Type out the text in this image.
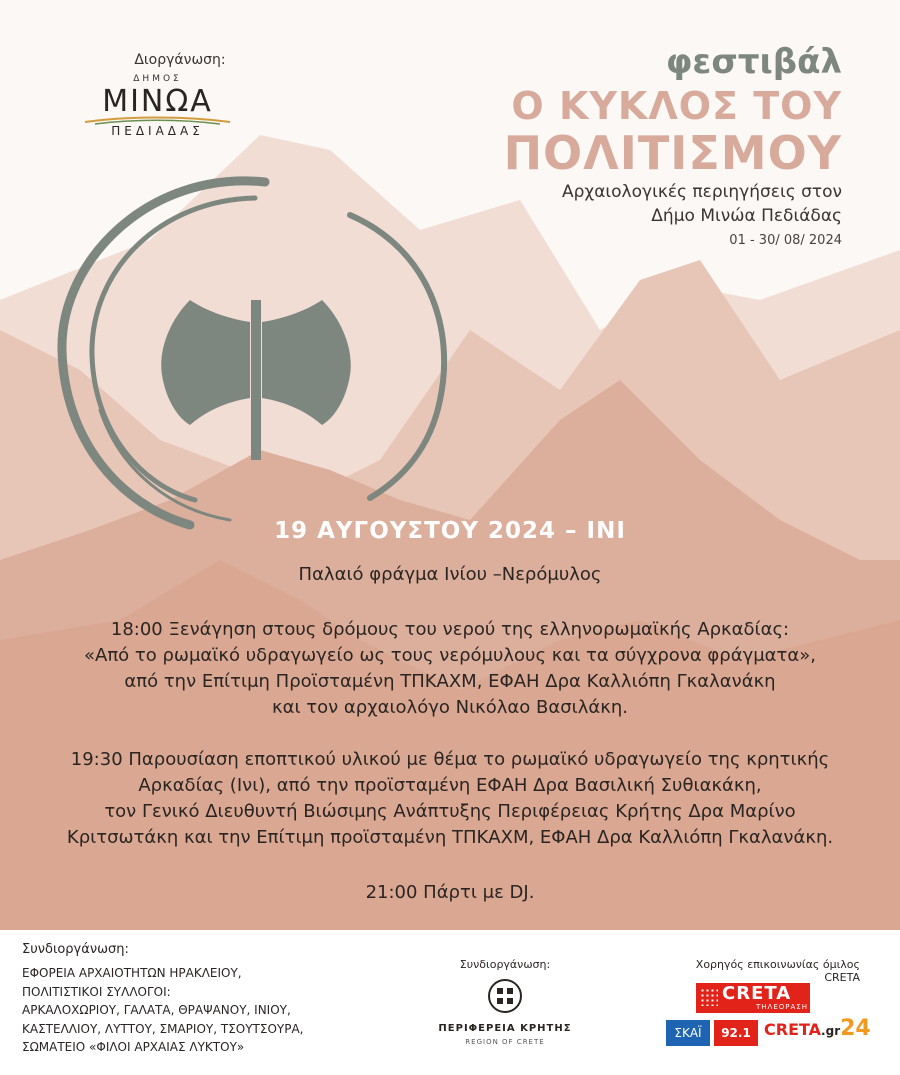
Διοργάνωση:
ΔΗΜΟΣ
ΜΙΝΩΑ
ΠΕΔΙΑΔΑΣ
φεστιβάλ
Ο ΚΥΚΛΟΣ ΤΟΥ
ΠΟΛΙΤΙΣΜΟΥ
Αρχαιολογικές περιηγήσεις στον
Δήμο Μινώα Πεδιάδας
01 - 30/ 08/ 2024
19 ΑΥΓΟΥΣΤΟΥ 2024 – ΙΝΙ
Παλαιό φράγμα Ινίου –Νερόμυλος
18:00 Ξενάγηση στους δρόμους του νερού της ελληνορωμαϊκής Αρκαδίας:
«Από το ρωμαϊκό υδραγωγείο ως τους νερόμυλους και τα σύγχρονα φράγματα»,
από την Επίτιμη Προϊσταμένη ΤΠΚΑΧΜ, ΕΦΑΗ Δρα Καλλιόπη Γκαλανάκη
και τον αρχαιολόγο Νικόλαο Βασιλάκη.
19:30 Παρουσίαση εποπτικού υλικού με θέμα το ρωμαϊκό υδραγωγείο της κρητικής
Αρκαδίας (Ινι), από την προϊσταμένη ΕΦΑΗ Δρα Βασιλική Συθιακάκη,
τον Γενικό Διευθυντή Βιώσιμης Ανάπτυξης Περιφέρειας Κρήτης Δρα Μαρίνο
Κριτσωτάκη και την Επίτιμη προϊσταμένη ΤΠΚΑΧΜ, ΕΦΑΗ Δρα Καλλιόπη Γκαλανάκη.
21:00 Πάρτι με DJ.
Συνδιοργάνωση:
ΕΦΟΡΕΙΑ ΑΡΧΑΙΟΤΗΤΩΝ ΗΡΑΚΛΕΙΟΥ,
ΠΟΛΙΤΙΣΤΙΚΟΙ ΣΥΛΛΟΓΟΙ:
ΑΡΚΑΛΟΧΩΡΙΟΥ, ΓΑΛΑΤΑ, ΘΡΑΨΑΝΟΥ, ΙΝΙΟΥ,
ΚΑΣΤΕΛΛΙΟΥ, ΛΥΤΤΟΥ, ΣΜΑΡΙΟΥ, ΤΣΟΥΤΣΟΥΡΑ,
ΣΩΜΑΤΕΙΟ «ΦΙΛΟΙ ΑΡΧΑΙΑΣ ΛΥΚΤΟΥ»
Συνδιοργάνωση:
ΠΕΡΙΦΕΡΕΙΑ ΚΡΗΤΗΣ
REGION OF CRETE
Χορηγός επικοινωνίας όμιλος CRETA
CRETA
ΤΗΛΕΟΡΑΣΗ
ΣΚΑΪ	92.1 CRETA.gr24
